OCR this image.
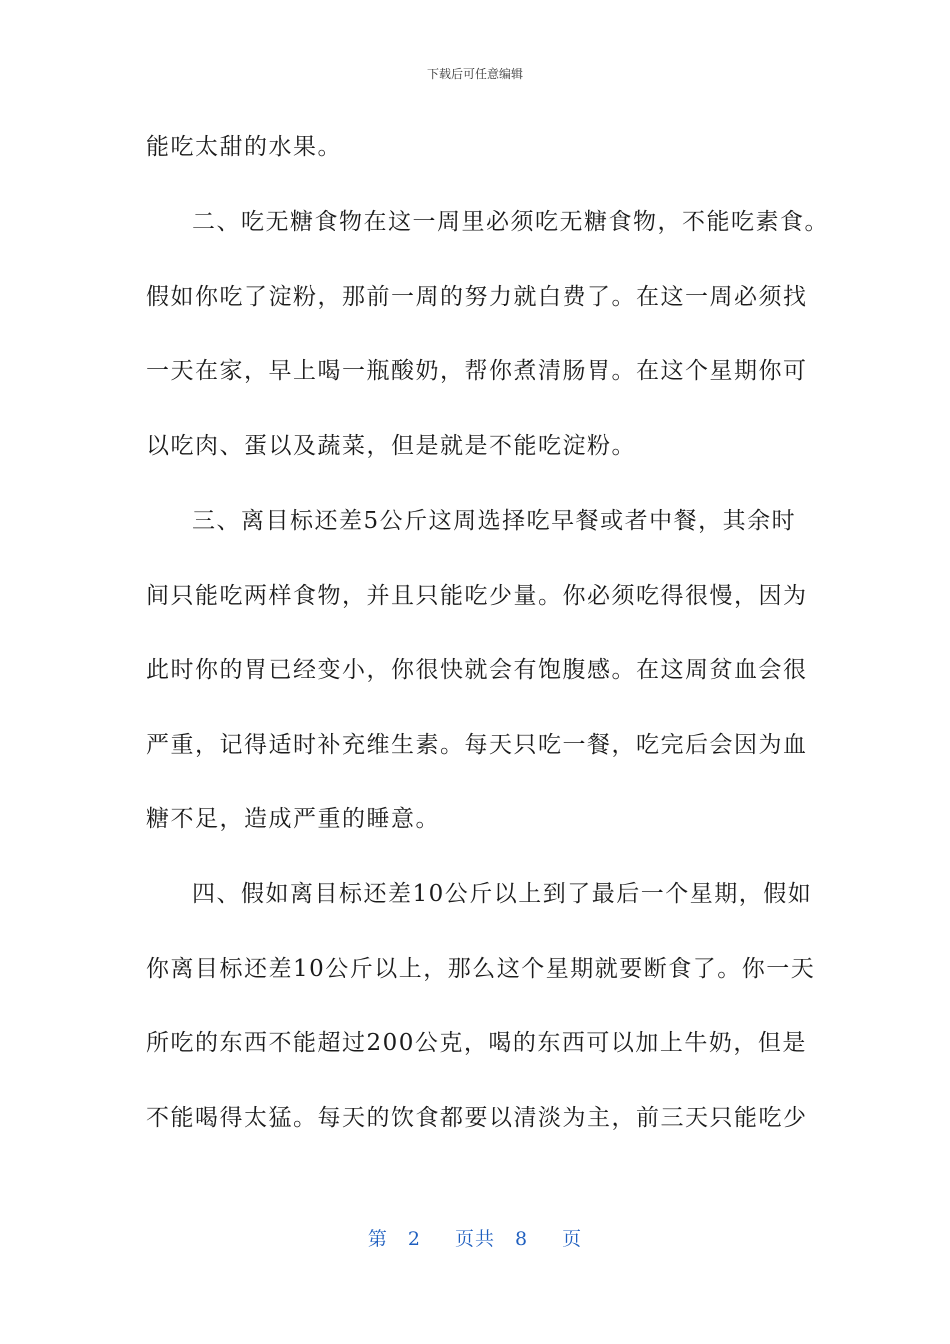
下载后可任意编辑
能吃太甜的水果。
二、吃无糖食物在这一周里必须吃无糖食物，不能吃素食。
假如你吃了淀粉，那前一周的努力就白费了。在这一周必须找
一天在家，早上喝一瓶酸奶，帮你煮清肠胃。在这个星期你可
以吃肉、蛋以及蔬菜，但是就是不能吃淀粉。
三、离目标还差5公斤这周选择吃早餐或者中餐，其余时
间只能吃两样食物，并且只能吃少量。你必须吃得很慢，因为
此时你的胃已经变小，你很快就会有饱腹感。在这周贫血会很
严重，记得适时补充维生素。每天只吃一餐，吃完后会因为血
糖不足，造成严重的睡意。
四、假如离目标还差10公斤以上到了最后一个星期，假如
你离目标还差10公斤以上，那么这个星期就要断食了。你一天
所吃的东西不能超过200公克，喝的东西可以加上牛奶，但是
不能喝得太猛。每天的饮食都要以清淡为主，前三天只能吃少
第 2 页共 8 页
